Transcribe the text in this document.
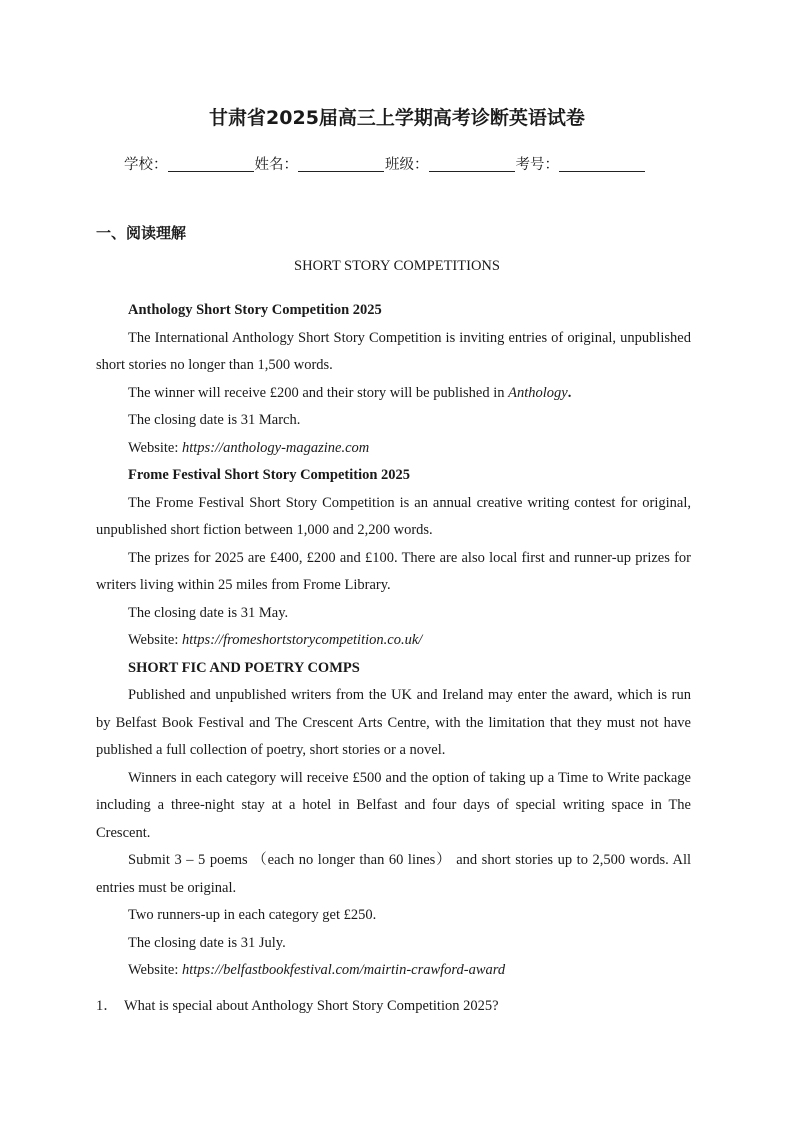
甘肃省2025届高三上学期高考诊断英语试卷
学校：	姓名：	班级：	考号：
一、阅读理解
SHORT STORY COMPETITIONS
Anthology Short Story Competition 2025

The International Anthology Short Story Competition is inviting entries of original, unpublished short stories no longer than 1,500 words.

The winner will receive £200 and their story will be published in Anthology.
The closing date is 31 March.
Website: https://anthology-magazine.com
Frome Festival Short Story Competition 2025

The Frome Festival Short Story Competition is an annual creative writing contest for original, unpublished short fiction between 1,000 and 2,200 words.

The prizes for 2025 are £400, £200 and £100. There are also local first and runner-up prizes for writers living within 25 miles from Frome Library.

The closing date is 31 May.
Website: https://fromeshortstorycompetition.co.uk/
SHORT FIC AND POETRY COMPS

Published and unpublished writers from the UK and Ireland may enter the award, which is run by Belfast Book Festival and The Crescent Arts Centre, with the limitation that they must not have published a full collection of poetry, short stories or a novel.

Winners in each category will receive £500 and the option of taking up a Time to Write package including a three-night stay at a hotel in Belfast and four days of special writing space in The Crescent.

Submit 3 – 5 poems （each no longer than 60 lines） and short stories up to 2,500 words. All entries must be original.

Two runners-up in each category get £250.
The closing date is 31 July.
Website: https://belfastbookfestival.com/mairtin-crawford-award
1． What is special about Anthology Short Story Competition 2025?
